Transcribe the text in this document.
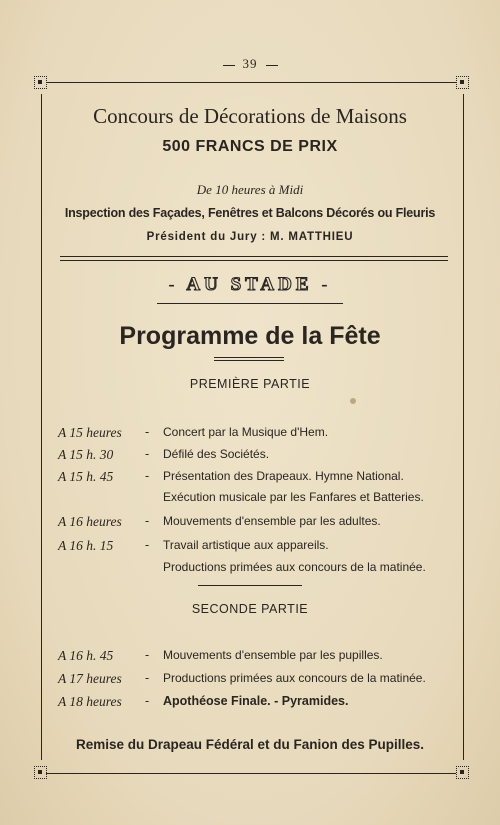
39
Concours de Décorations de Maisons
500 FRANCS DE PRIX
De 10 heures à Midi
Inspection des Façades, Fenêtres et Balcons Décorés ou Fleuris
Président du Jury : M. MATTHIEU
- AU STADE -
Programme de la Fête
PREMIÈRE PARTIE
A 15 heures - Concert par la Musique d'Hem.
A 15 h. 30	- Défilé des Sociétés.
A 15 h. 45	- Présentation des Drapeaux. Hymne National.
Exécution musicale par les Fanfares et Batteries.
A 16 heures - Mouvements d'ensemble par les adultes.
A 16 h. 15	- Travail artistique aux appareils.
Productions primées aux concours de la matinée.
SECONDE PARTIE
A 16 h. 45	- Mouvements d'ensemble par les pupilles.
A 17 heures - Productions primées aux concours de la matinée.
A 18 heures - Apothéose Finale. - Pyramides.
Remise du Drapeau Fédéral et du Fanion des Pupilles.
